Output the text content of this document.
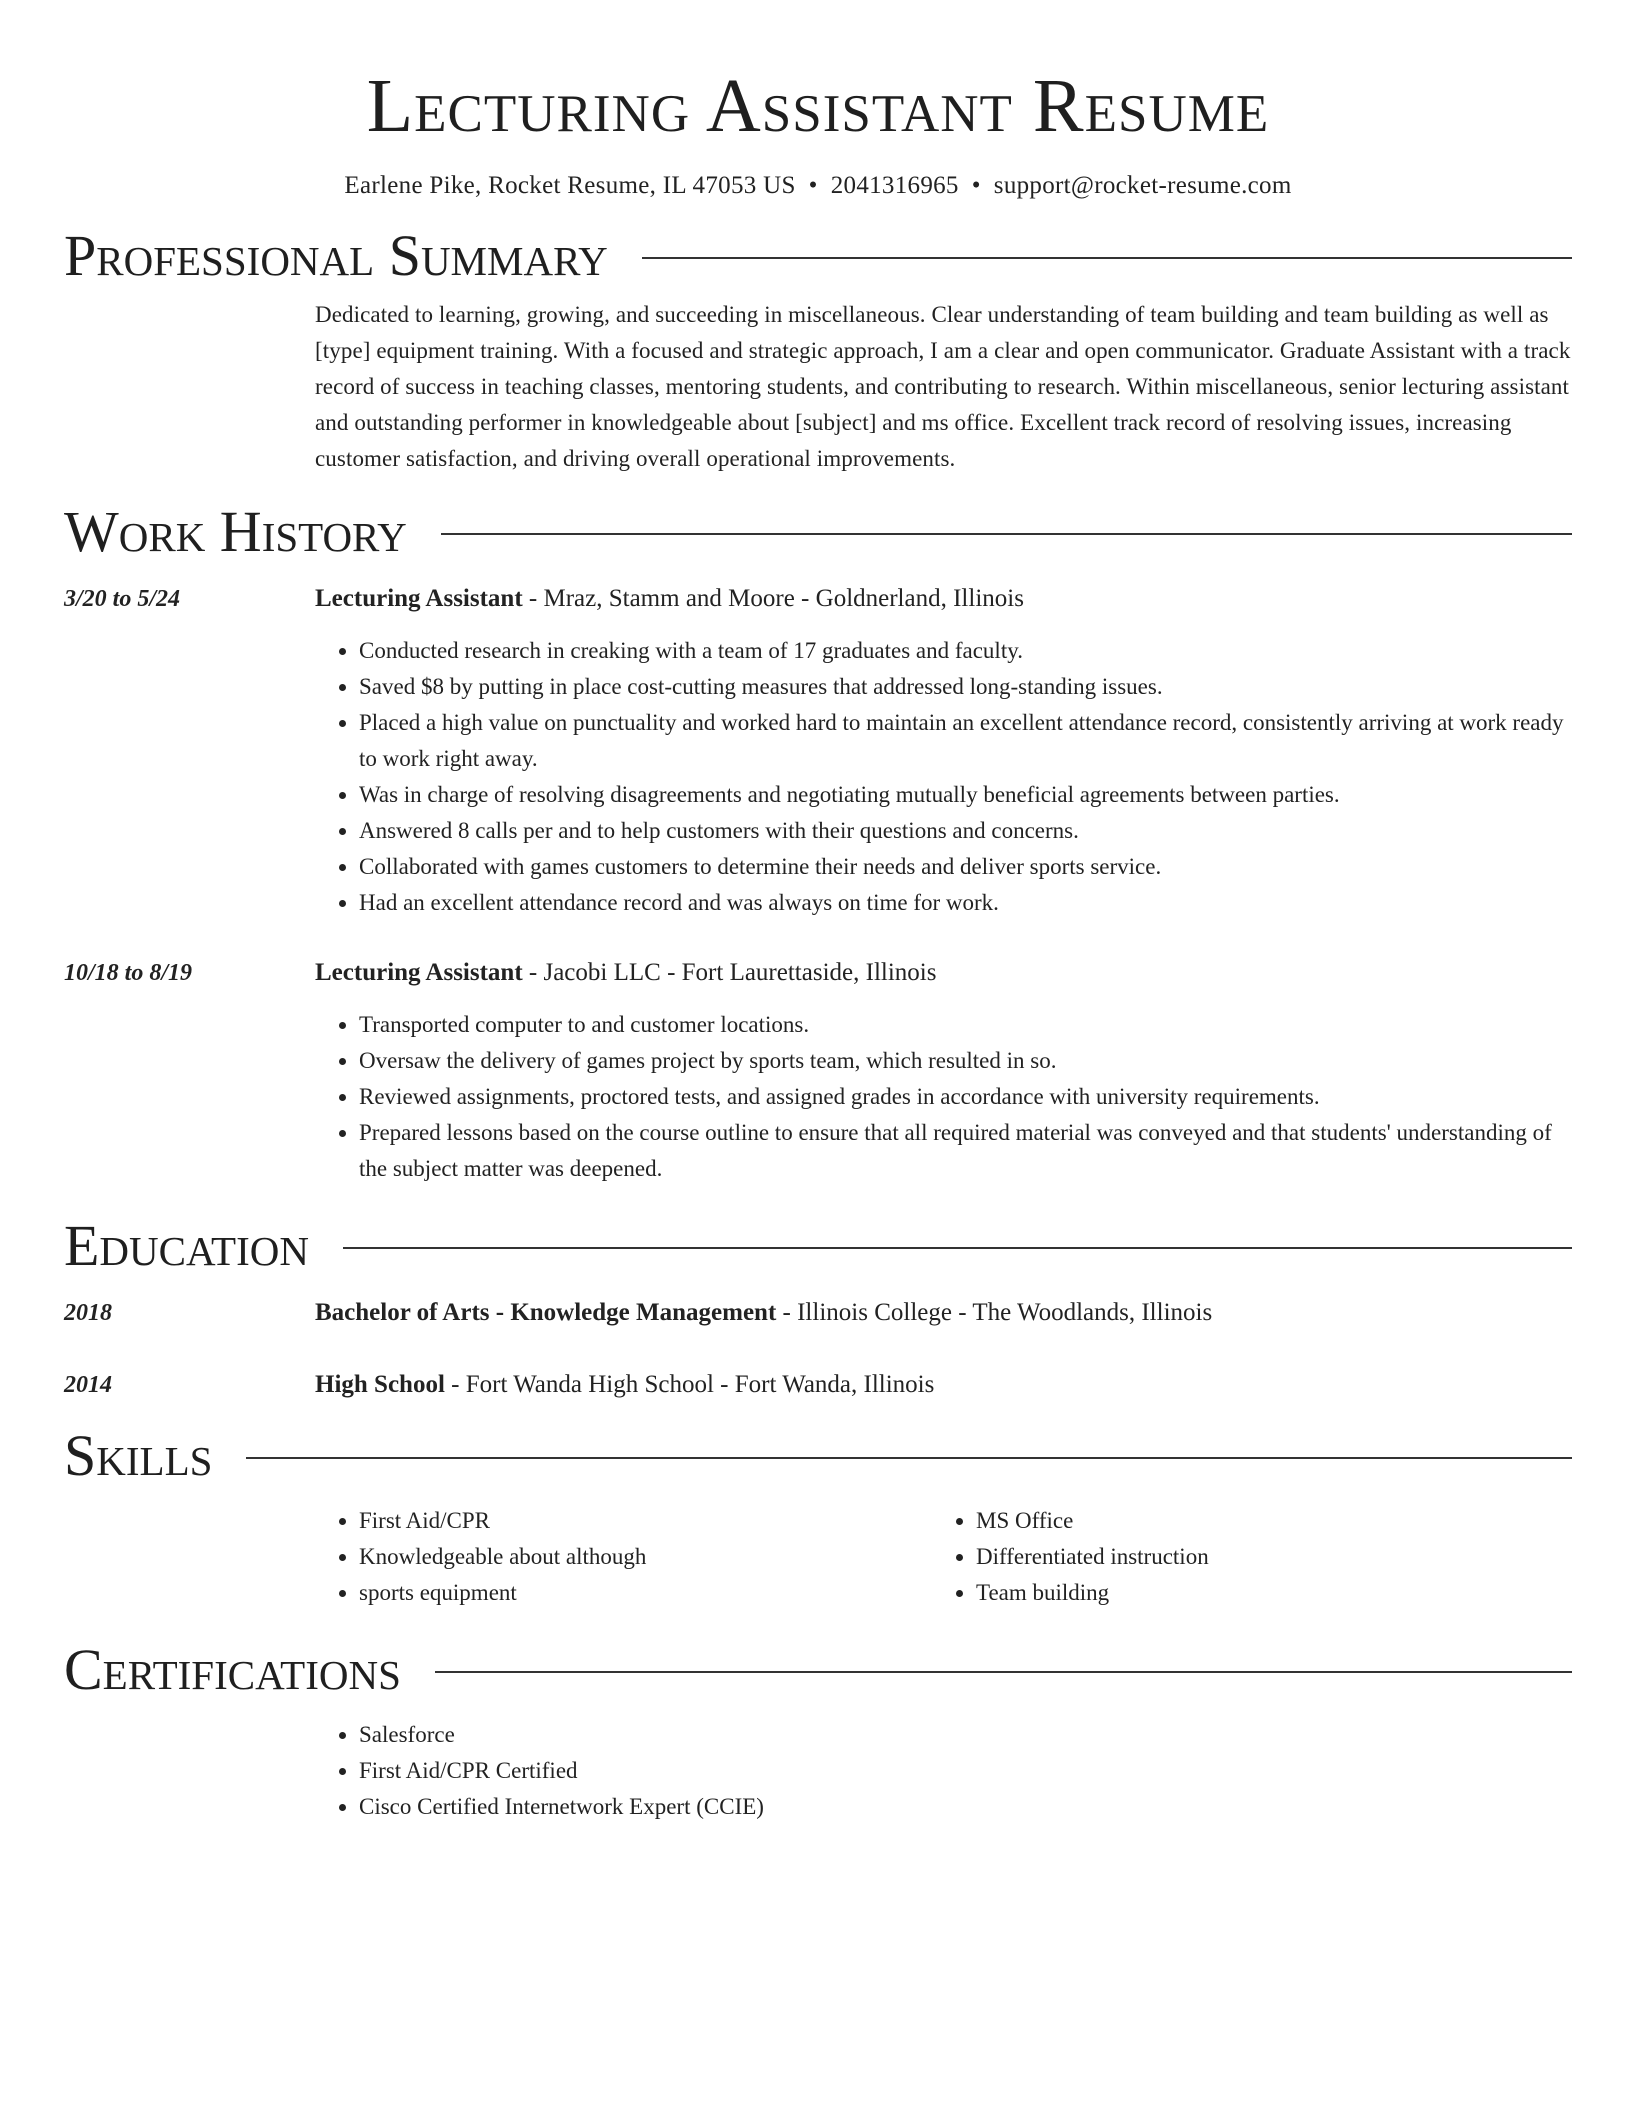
Lecturing Assistant Resume
Earlene Pike, Rocket Resume, IL 47053 US • 2041316965 • support@rocket-resume.com
Professional Summary

Dedicated to learning, growing, and succeeding in miscellaneous. Clear understanding of team building and team building as well as [type] equipment training. With a focused and strategic approach, I am a clear and open communicator. Graduate Assistant with a track record of success in teaching classes, mentoring students, and contributing to research. Within miscellaneous, senior lecturing assistant and outstanding performer in knowledgeable about [subject] and ms office. Excellent track record of resolving issues, increasing customer satisfaction, and driving overall operational improvements.

Work History
3/20 to 5/24	Lecturing Assistant - Mraz, Stamm and Moore - Goldnerland, Illinois
• Conducted research in creaking with a team of 17 graduates and faculty.
• Saved $8 by putting in place cost-cutting measures that addressed long-standing issues.
• Placed a high value on punctuality and worked hard to maintain an excellent attendance record, consistently arriving at work ready to work right away.
• Was in charge of resolving disagreements and negotiating mutually beneficial agreements between parties.
• Answered 8 calls per and to help customers with their questions and concerns.
• Collaborated with games customers to determine their needs and deliver sports service.
• Had an excellent attendance record and was always on time for work.
10/18 to 8/19	Lecturing Assistant - Jacobi LLC - Fort Laurettaside, Illinois
• Transported computer to and customer locations.
• Oversaw the delivery of games project by sports team, which resulted in so.
• Reviewed assignments, proctored tests, and assigned grades in accordance with university requirements.
• Prepared lessons based on the course outline to ensure that all required material was conveyed and that students' understanding of the subject matter was deepened.
Education
2018	Bachelor of Arts - Knowledge Management - Illinois College - The Woodlands, Illinois
2014	High School - Fort Wanda High School - Fort Wanda, Illinois
Skills
• First Aid/CPR
• Knowledgeable about although
• sports equipment
• MS Office
• Differentiated instruction
• Team building
Certifications
• Salesforce
• First Aid/CPR Certified
• Cisco Certified Internetwork Expert (CCIE)
